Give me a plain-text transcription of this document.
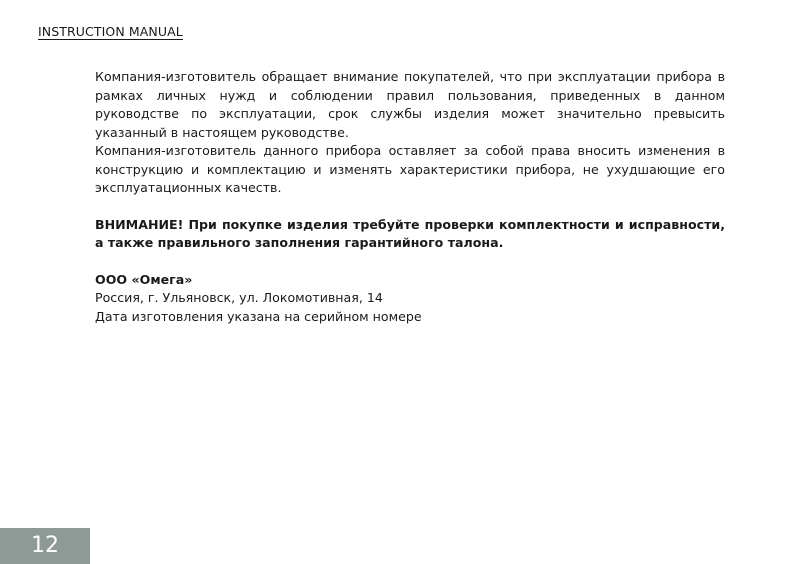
INSTRUCTION MANUAL

Компания-изготовитель обращает внимание покупателей, что при эксплуатации прибора в рамках личных нужд и соблюдении правил пользования, приведенных в данном руководстве по эксплуатации, срок службы изделия может значительно превысить указанный в настоящем руководстве.

Компания-изготовитель данного прибора оставляет за собой права вносить изменения в конструкцию и комплектацию и изменять характеристики прибора, не ухудшающие его эксплуатационных качеств.

ВНИМАНИЕ! При покупке изделия требуйте проверки комплектности и исправности, а также правильного заполнения гарантийного талона.

ООО «Омега»

Россия, г. Ульяновск, ул. Локомотивная, 14

Дата изготовления указана на серийном номере

12
